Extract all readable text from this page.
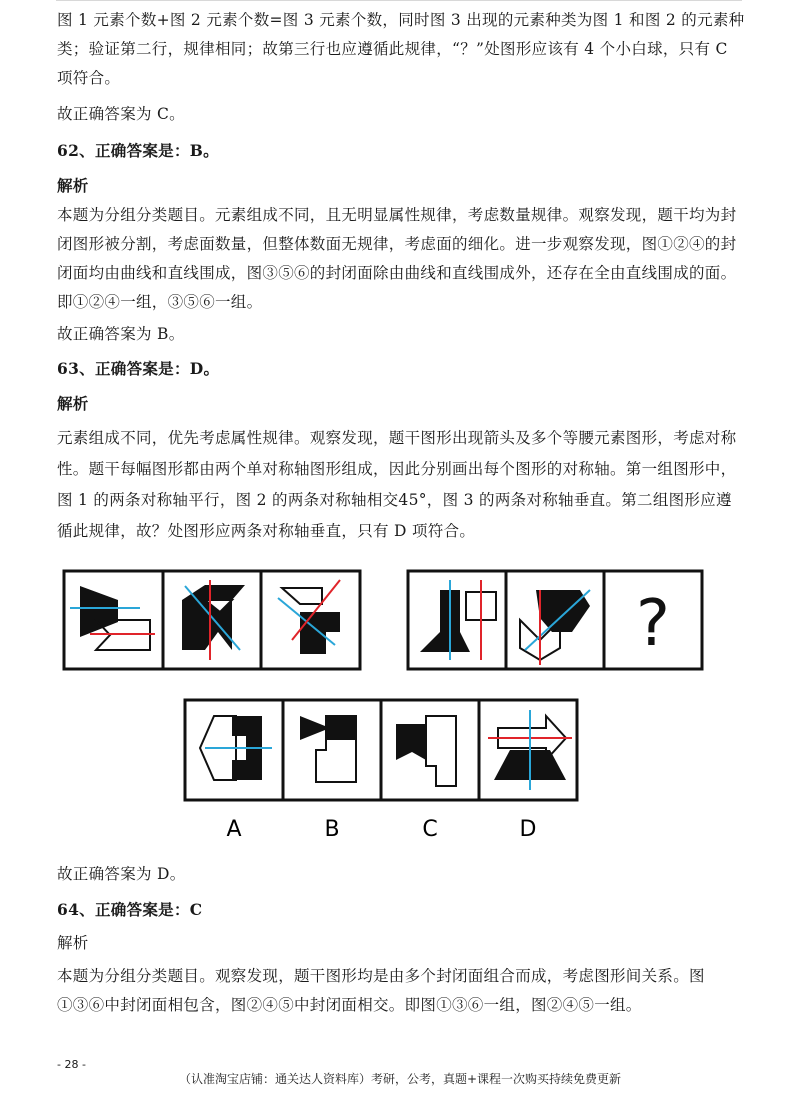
图 1 元素个数+图 2 元素个数=图 3 元素个数，同时图 3 出现的元素种类为图 1 和图 2 的元素种类；验证第二行，规律相同；故第三行也应遵循此规律，“？”处图形应该有 4 个小白球，只有 C 项符合。
故正确答案为 C。
62、正确答案是：B。
解析
本题为分组分类题目。元素组成不同，且无明显属性规律，考虑数量规律。观察发现，题干均为封闭图形被分割，考虑面数量，但整体数面无规律，考虑面的细化。进一步观察发现，图①②④的封闭面均由曲线和直线围成，图③⑤⑥的封闭面除由曲线和直线围成外，还存在全由直线围成的面。即①②④一组，③⑤⑥一组。
故正确答案为 B。
63、正确答案是：D。
解析
元素组成不同，优先考虑属性规律。观察发现，题干图形出现箭头及多个等腰元素图形，考虑对称性。题干每幅图形都由两个单对称轴图形组成，因此分别画出每个图形的对称轴。第一组图形中，图 1 的两条对称轴平行，图 2 的两条对称轴相交45°，图 3 的两条对称轴垂直。第二组图形应遵循此规律，故？处图形应两条对称轴垂直，只有 D 项符合。
?
A	B	C	D
故正确答案为 D。
64、正确答案是：C
解析
本题为分组分类题目。观察发现，题干图形均是由多个封闭面组合而成，考虑图形间关系。图①③⑥中封闭面相包含，图②④⑤中封闭面相交。即图①③⑥一组，图②④⑤一组。
- 28 -
（认准淘宝店铺：通关达人资料库）考研，公考，真题+课程一次购买持续免费更新
